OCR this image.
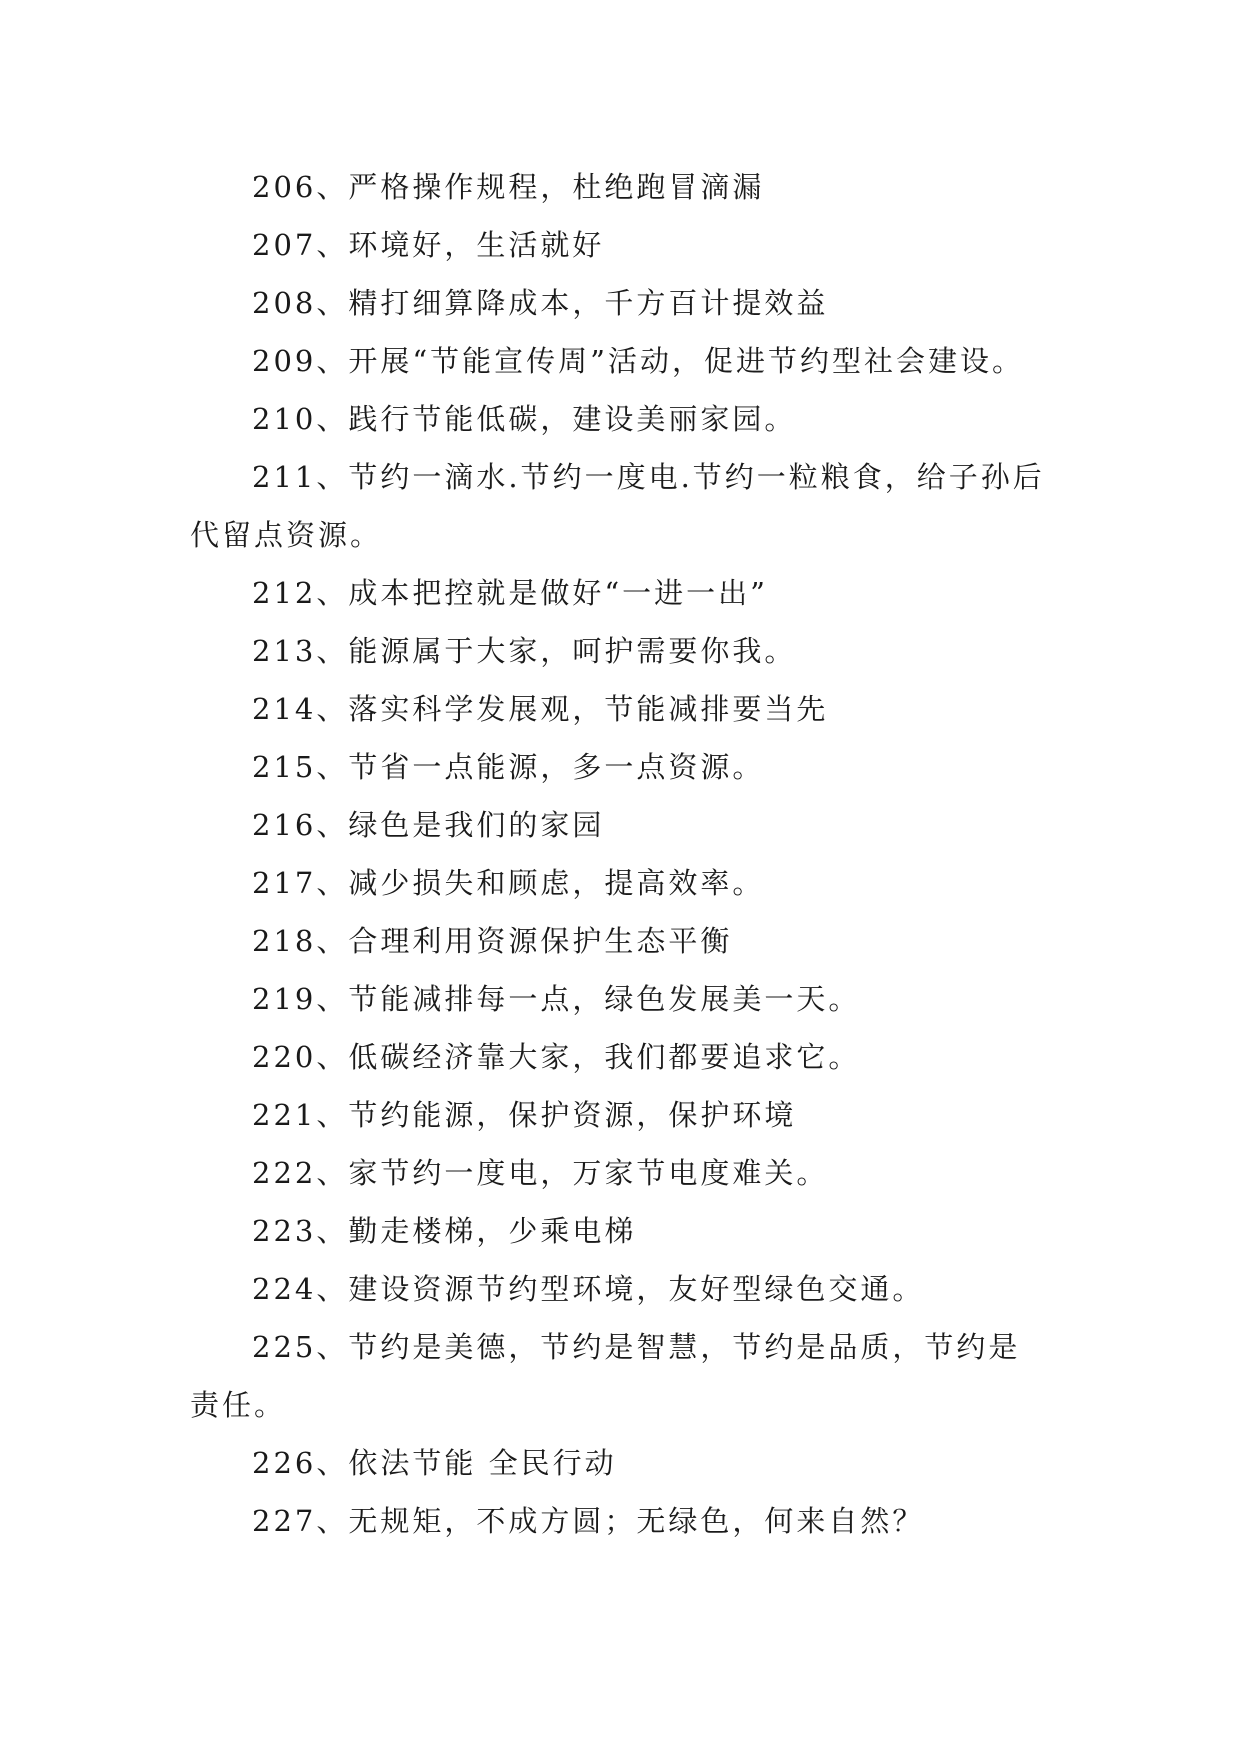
206、严格操作规程，杜绝跑冒滴漏

207、环境好，生活就好

208、精打细算降成本，千方百计提效益

209、开展“节能宣传周”活动，促进节约型社会建设。

210、践行节能低碳，建设美丽家园。

211、节约一滴水.节约一度电.节约一粒粮食，给子孙后代留点资源。

212、成本把控就是做好“一进一出”

213、能源属于大家，呵护需要你我。

214、落实科学发展观，节能减排要当先

215、节省一点能源，多一点资源。

216、绿色是我们的家园

217、减少损失和顾虑，提高效率。

218、合理利用资源保护生态平衡

219、节能减排每一点，绿色发展美一天。

220、低碳经济靠大家，我们都要追求它。

221、节约能源，保护资源，保护环境

222、家节约一度电，万家节电度难关。

223、勤走楼梯，少乘电梯

224、建设资源节约型环境，友好型绿色交通。

225、节约是美德，节约是智慧，节约是品质，节约是责任。

226、依法节能 全民行动

227、无规矩，不成方圆；无绿色，何来自然？
